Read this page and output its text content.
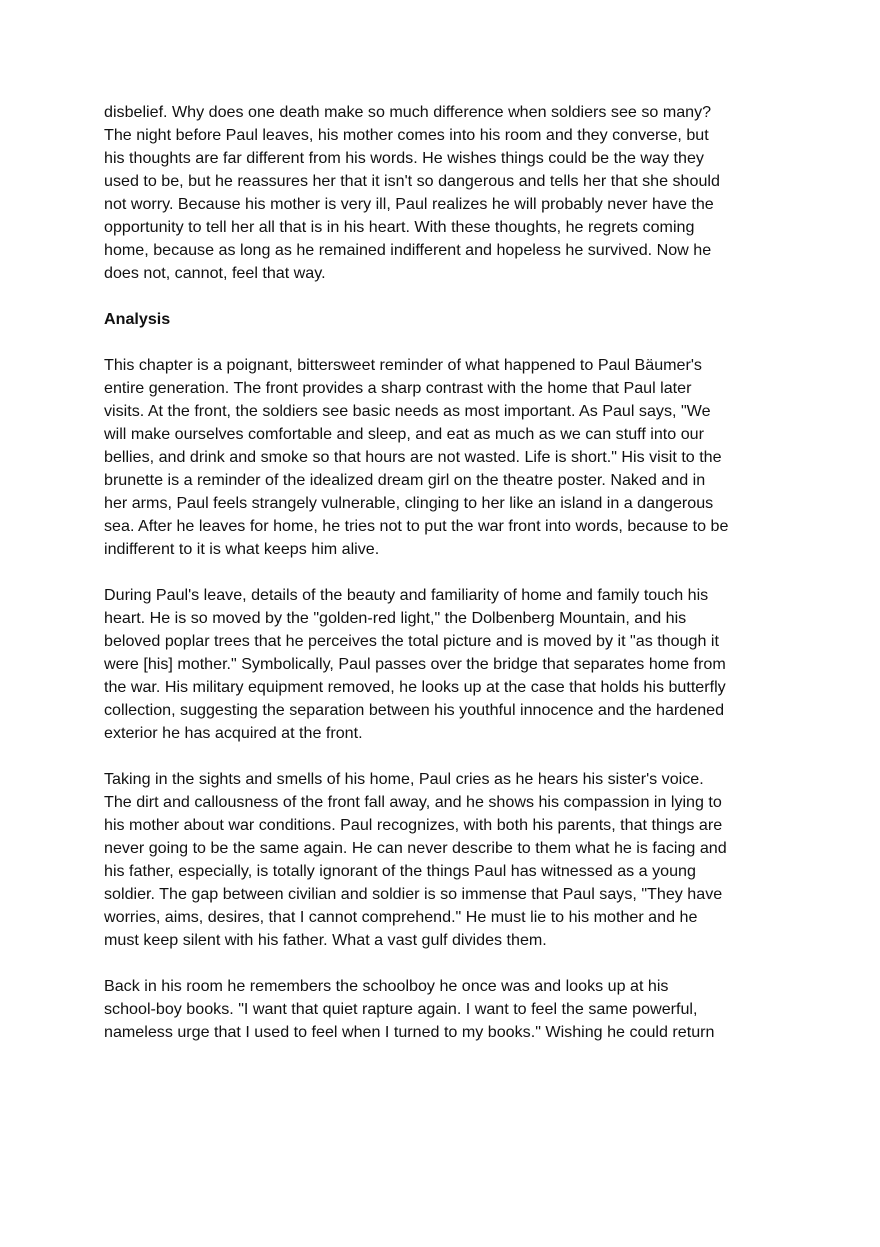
disbelief. Why does one death make so much difference when soldiers see so many?
The night before Paul leaves, his mother comes into his room and they converse, but
his thoughts are far different from his words. He wishes things could be the way they
used to be, but he reassures her that it isn't so dangerous and tells her that she should
not worry. Because his mother is very ill, Paul realizes he will probably never have the
opportunity to tell her all that is in his heart. With these thoughts, he regrets coming
home, because as long as he remained indifferent and hopeless he survived. Now he
does not, cannot, feel that way.

Analysis

This chapter is a poignant, bittersweet reminder of what happened to Paul Bäumer's
entire generation. The front provides a sharp contrast with the home that Paul later
visits. At the front, the soldiers see basic needs as most important. As Paul says, "We
will make ourselves comfortable and sleep, and eat as much as we can stuff into our
bellies, and drink and smoke so that hours are not wasted. Life is short." His visit to the
brunette is a reminder of the idealized dream girl on the theatre poster. Naked and in
her arms, Paul feels strangely vulnerable, clinging to her like an island in a dangerous
sea. After he leaves for home, he tries not to put the war front into words, because to be
indifferent to it is what keeps him alive.

During Paul's leave, details of the beauty and familiarity of home and family touch his
heart. He is so moved by the "golden-red light," the Dolbenberg Mountain, and his
beloved poplar trees that he perceives the total picture and is moved by it "as though it
were [his] mother." Symbolically, Paul passes over the bridge that separates home from
the war. His military equipment removed, he looks up at the case that holds his butterfly
collection, suggesting the separation between his youthful innocence and the hardened
exterior he has acquired at the front.

Taking in the sights and smells of his home, Paul cries as he hears his sister's voice.
The dirt and callousness of the front fall away, and he shows his compassion in lying to
his mother about war conditions. Paul recognizes, with both his parents, that things are
never going to be the same again. He can never describe to them what he is facing and
his father, especially, is totally ignorant of the things Paul has witnessed as a young
soldier. The gap between civilian and soldier is so immense that Paul says, "They have
worries, aims, desires, that I cannot comprehend." He must lie to his mother and he
must keep silent with his father. What a vast gulf divides them.

Back in his room he remembers the schoolboy he once was and looks up at his
school-boy books. "I want that quiet rapture again. I want to feel the same powerful,
nameless urge that I used to feel when I turned to my books." Wishing he could return
